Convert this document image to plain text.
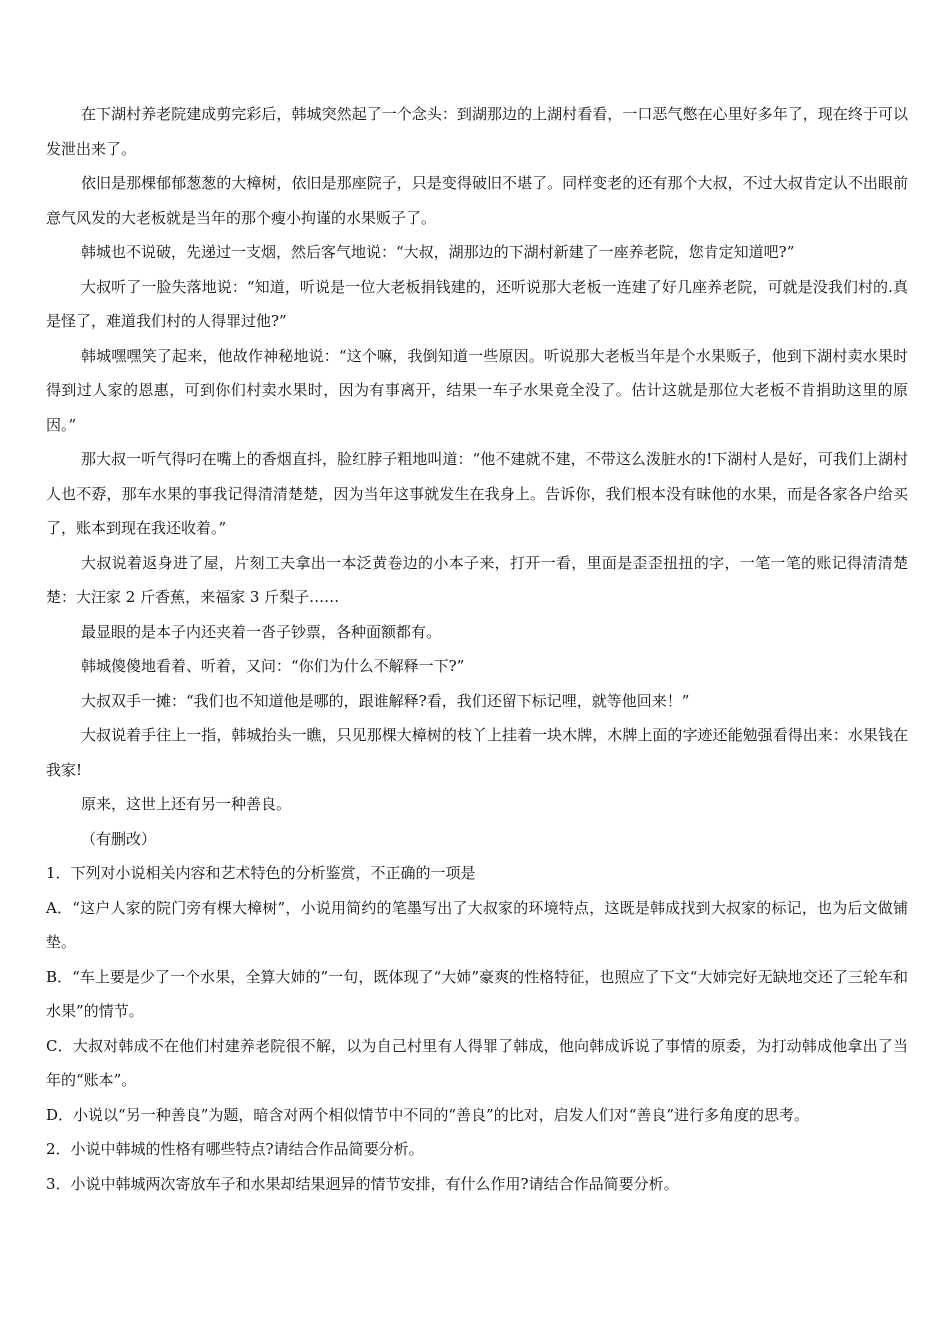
在下湖村养老院建成剪完彩后，韩城突然起了一个念头：到湖那边的上湖村看看，一口恶气憋在心里好多年了，现在终于可以发泄出来了。

依旧是那棵郁郁葱葱的大樟树，依旧是那座院子，只是变得破旧不堪了。同样变老的还有那个大叔，不过大叔肯定认不出眼前意气风发的大老板就是当年的那个瘦小拘谨的水果贩子了。

韩城也不说破，先递过一支烟，然后客气地说：“大叔，湖那边的下湖村新建了一座养老院，您肯定知道吧?”

大叔听了一脸失落地说：“知道，听说是一位大老板捐钱建的，还听说那大老板一连建了好几座养老院，可就是没我们村的.真是怪了，难道我们村的人得罪过他?”

韩城嘿嘿笑了起来，他故作神秘地说：“这个嘛，我倒知道一些原因。听说那大老板当年是个水果贩子，他到下湖村卖水果时得到过人家的恩惠，可到你们村卖水果时，因为有事离开，结果一车子水果竟全没了。估计这就是那位大老板不肯捐助这里的原因。”

那大叔一听气得叼在嘴上的香烟直抖，脸红脖子粗地叫道：“他不建就不建，不带这么泼脏水的!下湖村人是好，可我们上湖村人也不孬，那车水果的事我记得清清楚楚，因为当年这事就发生在我身上。告诉你，我们根本没有昧他的水果，而是各家各户给买了，账本到现在我还收着。”

大叔说着返身进了屋，片刻工夫拿出一本泛黄卷边的小本子来，打开一看，里面是歪歪扭扭的字，一笔一笔的账记得清清楚楚：大汪家 2 斤香蕉，来福家 3 斤梨子……

最显眼的是本子内还夹着一沓子钞票，各种面额都有。

韩城傻傻地看着、听着，又问：“你们为什么不解释一下?”

大叔双手一摊：“我们也不知道他是哪的，跟谁解释?看，我们还留下标记哩，就等他回来！”

大叔说着手往上一指，韩城抬头一瞧，只见那棵大樟树的枝丫上挂着一块木牌，木牌上面的字迹还能勉强看得出来：水果钱在我家!

原来，这世上还有另一种善良。

（有删改）

1．下列对小说相关内容和艺术特色的分析鉴赏，不正确的一项是

A．“这户人家的院门旁有棵大樟树”，小说用简约的笔墨写出了大叔家的环境特点，这既是韩成找到大叔家的标记，也为后文做铺垫。

B．“车上要是少了一个水果，全算大姉的”一句，既体现了“大姉”豪爽的性格特征，也照应了下文“大姉完好无缺地交还了三轮车和水果”的情节。

C．大叔对韩成不在他们村建养老院很不解，以为自己村里有人得罪了韩成，他向韩成诉说了事情的原委，为打动韩成他拿出了当年的“账本”。

D．小说以“另一种善良”为题，暗含对两个相似情节中不同的“善良”的比对，启发人们对“善良”进行多角度的思考。

2．小说中韩城的性格有哪些特点?请结合作品简要分析。

3．小说中韩城两次寄放车子和水果却结果迥异的情节安排，有什么作用?请结合作品简要分析。
